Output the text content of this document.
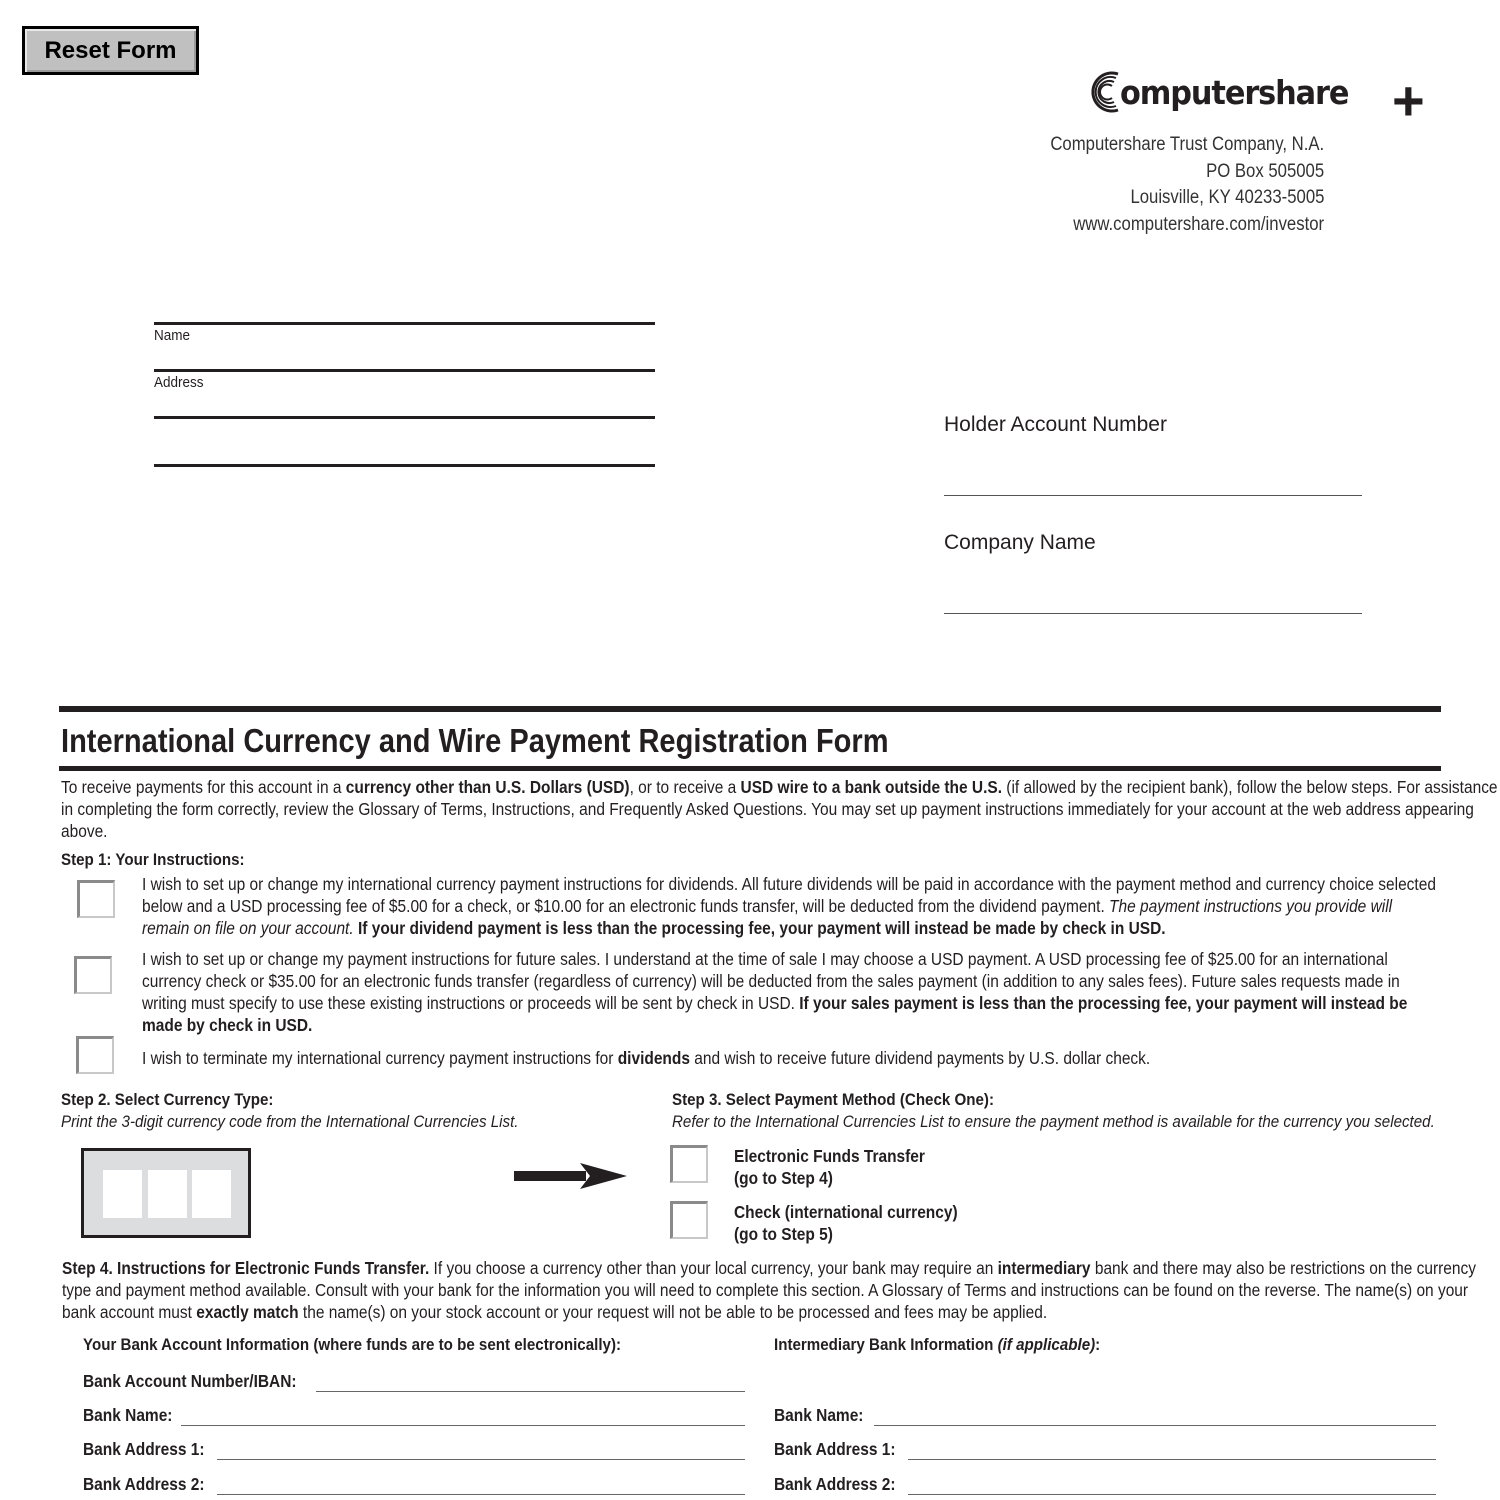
Reset Form
omputershare +
Computershare Trust Company, N.A.
PO Box 505005
Louisville, KY 40233-5005
www.computershare.com/investor
Name
Address
Holder Account Number
Company Name
International Currency and Wire Payment Registration Form
To receive payments for this account in a currency other than U.S. Dollars (USD), or to receive a USD wire to a bank outside the U.S. (if allowed by the recipient bank), follow the below steps. For assistance in completing the form correctly, review the Glossary of Terms, Instructions, and Frequently Asked Questions. You may set up payment instructions immediately for your account at the web address appearing above.
Step 1: Your Instructions:
I wish to set up or change my international currency payment instructions for dividends. All future dividends will be paid in accordance with the payment method and currency choice selected below and a USD processing fee of $5.00 for a check, or $10.00 for an electronic funds transfer, will be deducted from the dividend payment. The payment instructions you provide will remain on file on your account. If your dividend payment is less than the processing fee, your payment will instead be made by check in USD.
I wish to set up or change my payment instructions for future sales. I understand at the time of sale I may choose a USD payment. A USD processing fee of $25.00 for an international currency check or $35.00 for an electronic funds transfer (regardless of currency) will be deducted from the sales payment (in addition to any sales fees). Future sales requests made in writing must specify to use these existing instructions or proceeds will be sent by check in USD. If your sales payment is less than the processing fee, your payment will instead be made by check in USD.
I wish to terminate my international currency payment instructions for dividends and wish to receive future dividend payments by U.S. dollar check.
Step 2. Select Currency Type:
Print the 3-digit currency code from the International Currencies List.
Step 3. Select Payment Method (Check One):
Refer to the International Currencies List to ensure the payment method is available for the currency you selected.
Electronic Funds Transfer
(go to Step 4)
Check (international currency)
(go to Step 5)
Step 4. Instructions for Electronic Funds Transfer. If you choose a currency other than your local currency, your bank may require an intermediary bank and there may also be restrictions on the currency type and payment method available. Consult with your bank for the information you will need to complete this section. A Glossary of Terms and instructions can be found on the reverse. The name(s) on your bank account must exactly match the name(s) on your stock account or your request will not be able to be processed and fees may be applied.
Your Bank Account Information (where funds are to be sent electronically):
Bank Account Number/IBAN:
Bank Name:
Bank Address 1:
Bank Address 2:
Intermediary Bank Information (if applicable):
Bank Name:
Bank Address 1:
Bank Address 2:
